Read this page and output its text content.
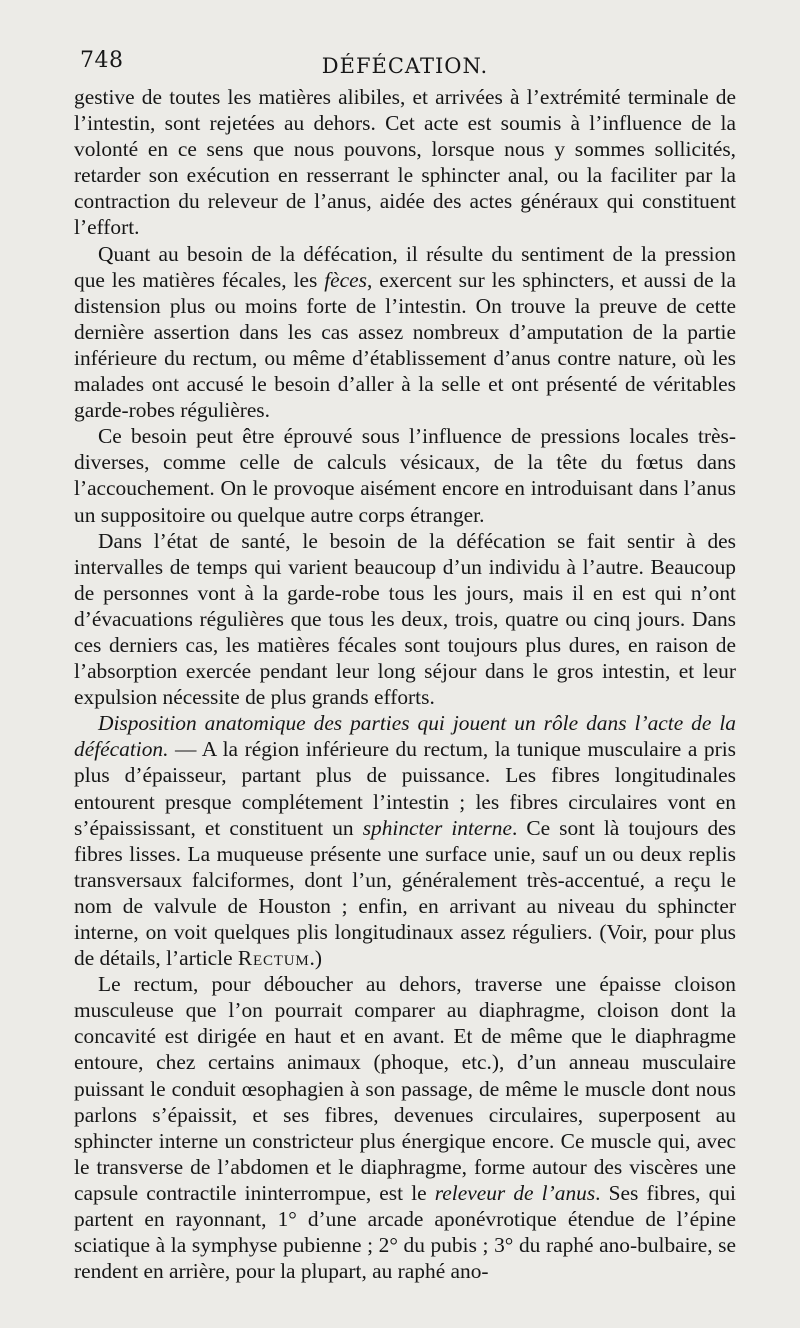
748	DÉFÉCATION.

gestive de toutes les matières alibiles, et arrivées à l’extrémité terminale de l’intestin, sont rejetées au dehors. Cet acte est soumis à l’influence de la volonté en ce sens que nous pouvons, lorsque nous y sommes sollicités, retarder son exécution en resserrant le sphincter anal, ou la faciliter par la contraction du releveur de l’anus, aidée des actes généraux qui constituent l’effort.

Quant au besoin de la défécation, il résulte du sentiment de la pression que les matières fécales, les fèces, exercent sur les sphincters, et aussi de la distension plus ou moins forte de l’intestin. On trouve la preuve de cette dernière assertion dans les cas assez nombreux d’amputation de la partie inférieure du rectum, ou même d’établissement d’anus contre nature, où les malades ont accusé le besoin d’aller à la selle et ont présenté de véritables garde-robes régulières.

Ce besoin peut être éprouvé sous l’influence de pressions locales très-diverses, comme celle de calculs vésicaux, de la tête du fœtus dans l’accouchement. On le provoque aisément encore en introduisant dans l’anus un suppositoire ou quelque autre corps étranger.

Dans l’état de santé, le besoin de la défécation se fait sentir à des intervalles de temps qui varient beaucoup d’un individu à l’autre. Beaucoup de personnes vont à la garde-robe tous les jours, mais il en est qui n’ont d’évacuations régulières que tous les deux, trois, quatre ou cinq jours. Dans ces derniers cas, les matières fécales sont toujours plus dures, en raison de l’absorption exercée pendant leur long séjour dans le gros intestin, et leur expulsion nécessite de plus grands efforts.

Disposition anatomique des parties qui jouent un rôle dans l’acte de la défécation. — A la région inférieure du rectum, la tunique musculaire a pris plus d’épaisseur, partant plus de puissance. Les fibres longitudinales entourent presque complétement l’intestin ; les fibres circulaires vont en s’épaississant, et constituent un sphincter interne. Ce sont là toujours des fibres lisses. La muqueuse présente une surface unie, sauf un ou deux replis transversaux falciformes, dont l’un, généralement très-accentué, a reçu le nom de valvule de Houston ; enfin, en arrivant au niveau du sphincter interne, on voit quelques plis longitudinaux assez réguliers. (Voir, pour plus de détails, l’article Rectum.)

Le rectum, pour déboucher au dehors, traverse une épaisse cloison musculeuse que l’on pourrait comparer au diaphragme, cloison dont la concavité est dirigée en haut et en avant. Et de même que le diaphragme entoure, chez certains animaux (phoque, etc.), d’un anneau musculaire puissant le conduit œsophagien à son passage, de même le muscle dont nous parlons s’épaissit, et ses fibres, devenues circulaires, superposent au sphincter interne un constricteur plus énergique encore. Ce muscle qui, avec le transverse de l’abdomen et le diaphragme, forme autour des viscères une capsule contractile ininterrompue, est le releveur de l’anus. Ses fibres, qui partent en rayonnant, 1° d’une arcade aponévrotique étendue de l’épine sciatique à la symphyse pubienne ; 2° du pubis ; 3° du raphé ano-bulbaire, se rendent en arrière, pour la plupart, au raphé ano-
